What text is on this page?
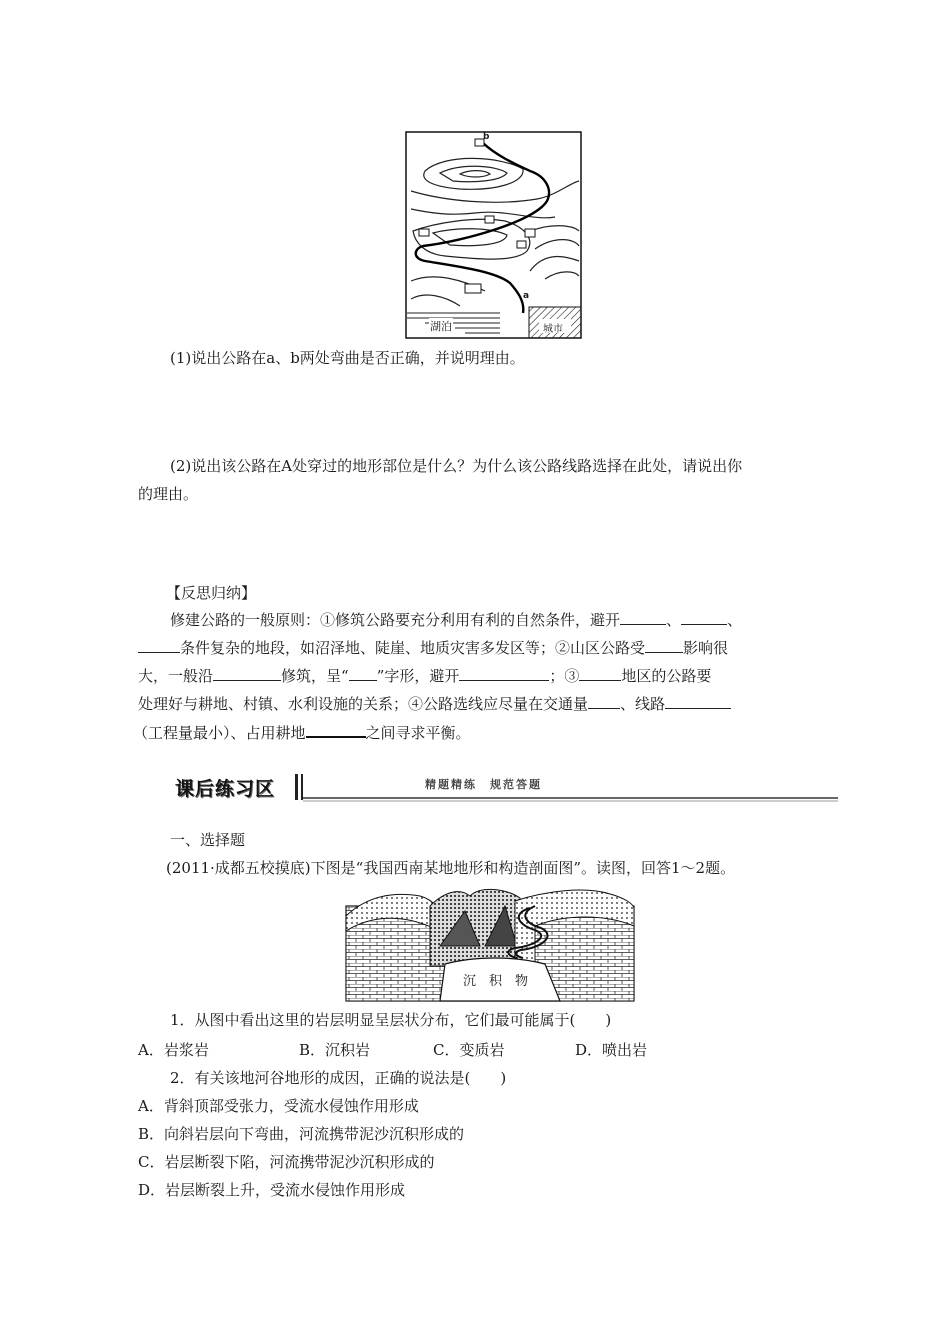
b
a
湖泊	城市
(1)说出公路在a、b两处弯曲是否正确，并说明理由。
(2)说出该公路在A处穿过的地形部位是什么？为什么该公路线路选择在此处，请说出你
的理由。
【反思归纳】
修建公路的一般原则：①修筑公路要充分利用有利的自然条件，避开	、	、
条件复杂的地段，如沼泽地、陡崖、地质灾害多发区等；②山区公路受	影响很
大，一般沿	修筑，呈“ ”字形，避开	；③	地区的公路要
处理好与耕地、村镇、水利设施的关系；④公路选线应尽量在交通量 、线路
（工程量最小）、占用耕地	之间寻求平衡。
课后练习区	精题精练　规范答题
一、选择题
(2011·成都五校摸底)下图是“我国西南某地地形和构造剖面图”。读图，回答1～2题。
沉　积　物
1．从图中看出这里的岩层明显呈层状分布，它们最可能属于(　　)
A．岩浆岩	B．沉积岩	C．变质岩	D．喷出岩
2．有关该地河谷地形的成因，正确的说法是(　　)
A．背斜顶部受张力，受流水侵蚀作用形成
B．向斜岩层向下弯曲，河流携带泥沙沉积形成的
C．岩层断裂下陷，河流携带泥沙沉积形成的
D．岩层断裂上升，受流水侵蚀作用形成
